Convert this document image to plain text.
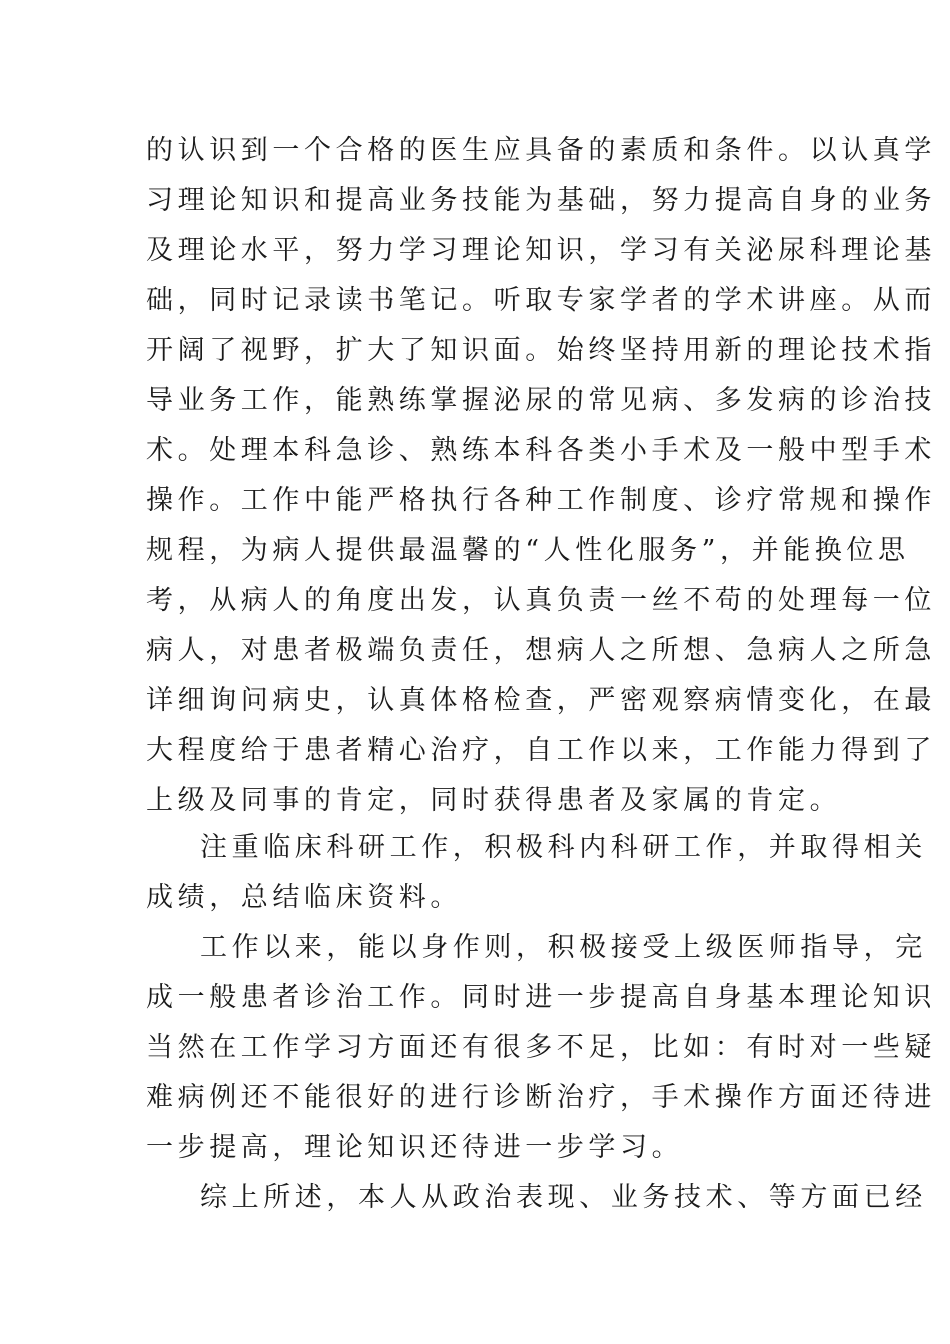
的认识到一个合格的医生应具备的素质和条件。以认真学
习理论知识和提高业务技能为基础，努力提高自身的业务
及理论水平，努力学习理论知识，学习有关泌尿科理论基
础，同时记录读书笔记。听取专家学者的学术讲座。从而
开阔了视野，扩大了知识面。始终坚持用新的理论技术指
导业务工作，能熟练掌握泌尿的常见病、多发病的诊治技
术。处理本科急诊、熟练本科各类小手术及一般中型手术
操作。工作中能严格执行各种工作制度、诊疗常规和操作
规程，为病人提供最温馨的“人性化服务”，并能换位思
考，从病人的角度出发，认真负责一丝不苟的处理每一位
病人，对患者极端负责任，想病人之所想、急病人之所急
详细询问病史，认真体格检查，严密观察病情变化，在最
大程度给于患者精心治疗，自工作以来，工作能力得到了
上级及同事的肯定，同时获得患者及家属的肯定。
注重临床科研工作，积极科内科研工作，并取得相关
成绩，总结临床资料。
工作以来，能以身作则，积极接受上级医师指导，完
成一般患者诊治工作。同时进一步提高自身基本理论知识
当然在工作学习方面还有很多不足，比如：有时对一些疑
难病例还不能很好的进行诊断治疗，手术操作方面还待进
一步提高，理论知识还待进一步学习。
综上所述，本人从政治表现、业务技术、等方面已经
